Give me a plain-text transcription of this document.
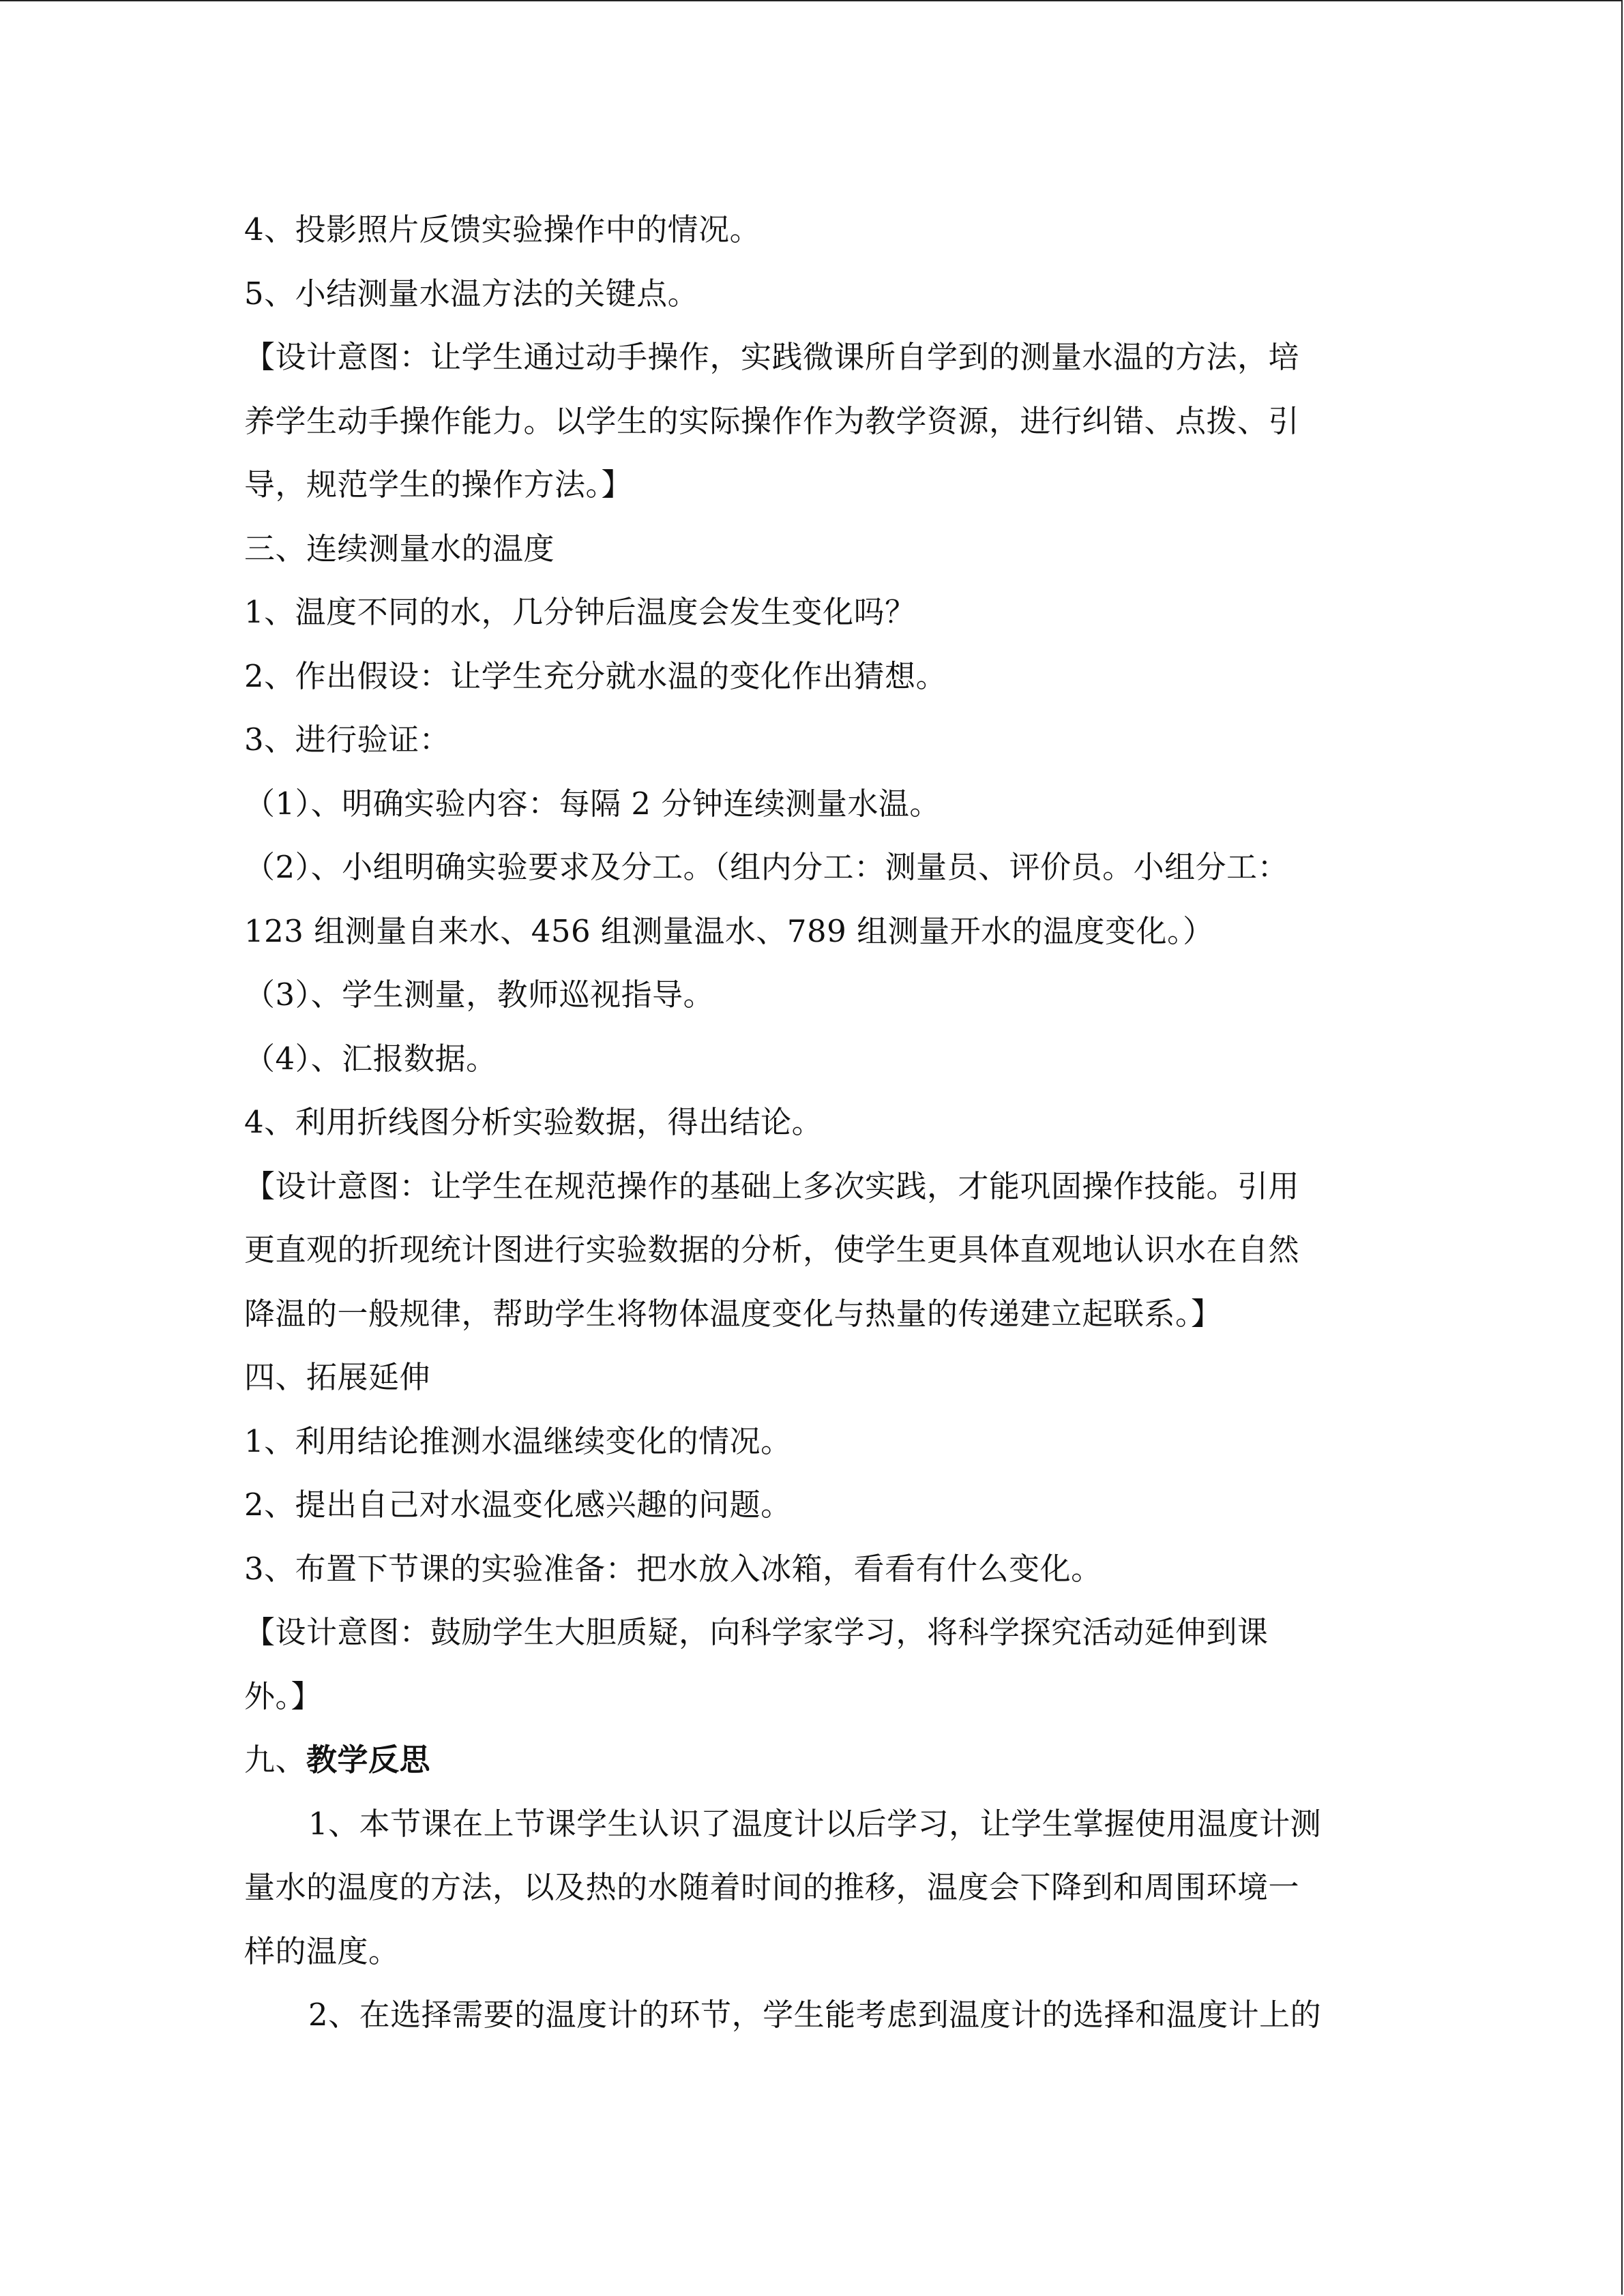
4、投影照片反馈实验操作中的情况。
5、小结测量水温方法的关键点。
【设计意图：让学生通过动手操作，实践微课所自学到的测量水温的方法，培
养学生动手操作能力。以学生的实际操作作为教学资源，进行纠错、点拨、引
导，规范学生的操作方法。】
三、连续测量水的温度
1、温度不同的水，几分钟后温度会发生变化吗？
2、作出假设：让学生充分就水温的变化作出猜想。
3、进行验证：
（1）、明确实验内容：每隔 2 分钟连续测量水温。
（2）、小组明确实验要求及分工。（组内分工：测量员、评价员。小组分工：
123 组测量自来水、456 组测量温水、789 组测量开水的温度变化。）
（3）、学生测量，教师巡视指导。
（4）、汇报数据。
4、利用折线图分析实验数据，得出结论。
【设计意图：让学生在规范操作的基础上多次实践，才能巩固操作技能。引用
更直观的折现统计图进行实验数据的分析，使学生更具体直观地认识水在自然
降温的一般规律，帮助学生将物体温度变化与热量的传递建立起联系。】
四、拓展延伸
1、利用结论推测水温继续变化的情况。
2、提出自己对水温变化感兴趣的问题。
3、布置下节课的实验准备：把水放入冰箱，看看有什么变化。
【设计意图：鼓励学生大胆质疑，向科学家学习，将科学探究活动延伸到课
外。】
九、教学反思
1、本节课在上节课学生认识了温度计以后学习，让学生掌握使用温度计测
量水的温度的方法，以及热的水随着时间的推移，温度会下降到和周围环境一
样的温度。
2、在选择需要的温度计的环节，学生能考虑到温度计的选择和温度计上的
